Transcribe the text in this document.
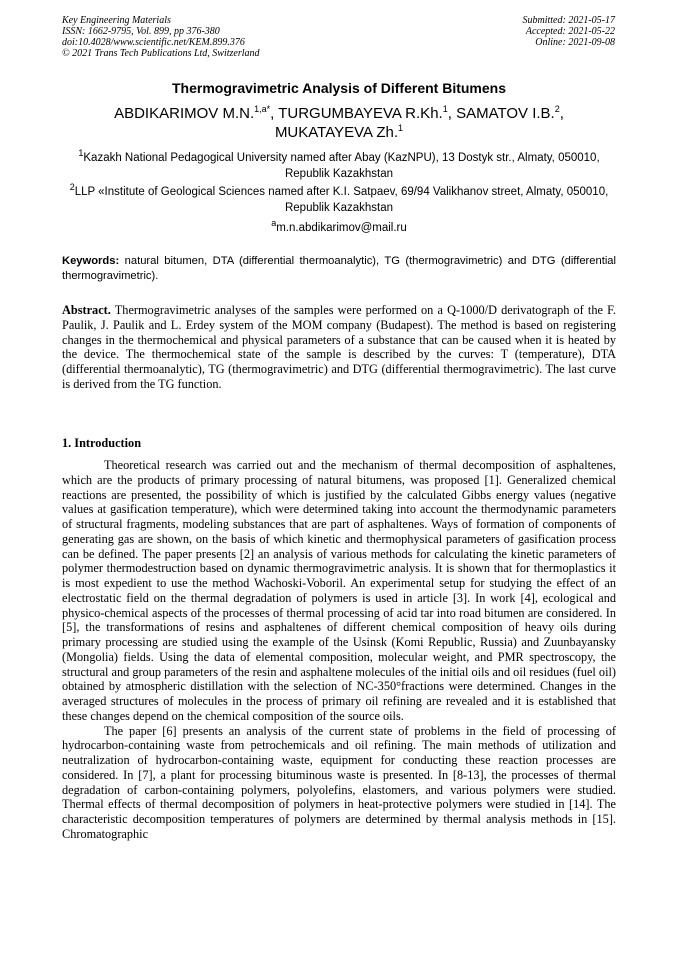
Key Engineering Materials
ISSN: 1662-9795, Vol. 899, pp 376-380
doi:10.4028/www.scientific.net/KEM.899.376
© 2021 Trans Tech Publications Ltd, Switzerland
Submitted: 2021-05-17
Accepted: 2021-05-22
Online: 2021-09-08
Thermogravimetric Analysis of Different Bitumens
ABDIKARIMOV M.N.$^{1,a*}$, TURGUMBAYEVA R.Kh.$^1$, SAMATOV I.B.$^2$,
MUKATAYEVA Zh.$^1$
$^1$Kazakh National Pedagogical University named after Abay (KazNPU), 13 Dostyk str., Almaty, 050010, Republik Kazakhstan
$^2$LLP «Institute of Geological Sciences named after K.I. Satpaev, 69/94 Valikhanov street, Almaty, 050010, Republik Kazakhstan
$^a$m.n.abdikarimov@mail.ru
Keywords: natural bitumen, DTA (differential thermoanalytic), TG (thermogravimetric) and DTG (differential thermogravimetric).
Abstract. Thermogravimetric analyses of the samples were performed on a Q-1000/D derivatograph of the F. Paulik, J. Paulik and L. Erdey system of the MOM company (Budapest). The method is based on registering changes in the thermochemical and physical parameters of a substance that can be caused when it is heated by the device. The thermochemical state of the sample is described by the curves: T (temperature), DTA (differential thermoanalytic), TG (thermogravimetric) and DTG (differential thermogravimetric). The last curve is derived from the TG function.
1. Introduction

Theoretical research was carried out and the mechanism of thermal decomposition of asphaltenes, which are the products of primary processing of natural bitumens, was proposed [1]. Generalized chemical reactions are presented, the possibility of which is justified by the calculated Gibbs energy values (negative values at gasification temperature), which were determined taking into account the thermodynamic parameters of structural fragments, modeling substances that are part of asphaltenes. Ways of formation of components of generating gas are shown, on the basis of which kinetic and thermophysical parameters of gasification process can be defined. The paper presents [2] an analysis of various methods for calculating the kinetic parameters of polymer thermodestruction based on dynamic thermogravimetric analysis. It is shown that for thermoplastics it is most expedient to use the method Wachoski-Voboril. An experimental setup for studying the effect of an electrostatic field on the thermal degradation of polymers is used in article [3]. In work [4], ecological and physico-chemical aspects of the processes of thermal processing of acid tar into road bitumen are considered. In [5], the transformations of resins and asphaltenes of different chemical composition of heavy oils during primary processing are studied using the example of the Usinsk (Komi Republic, Russia) and Zuunbayansky (Mongolia) fields. Using the data of elemental composition, molecular weight, and PMR spectroscopy, the structural and group parameters of the resin and asphaltene molecules of the initial oils and oil residues (fuel oil) obtained by atmospheric distillation with the selection of NC-350°fractions were determined. Changes in the averaged structures of molecules in the process of primary oil refining are revealed and it is established that these changes depend on the chemical composition of the source oils.

The paper [6] presents an analysis of the current state of problems in the field of processing of hydrocarbon-containing waste from petrochemicals and oil refining. The main methods of utilization and neutralization of hydrocarbon-containing waste, equipment for conducting these reaction processes are considered. In [7], a plant for processing bituminous waste is presented. In [8-13], the processes of thermal degradation of carbon-containing polymers, polyolefins, elastomers, and various polymers were studied. Thermal effects of thermal decomposition of polymers in heat-protective polymers were studied in [14]. The characteristic decomposition temperatures of polymers are determined by thermal analysis methods in [15]. Chromatographic
